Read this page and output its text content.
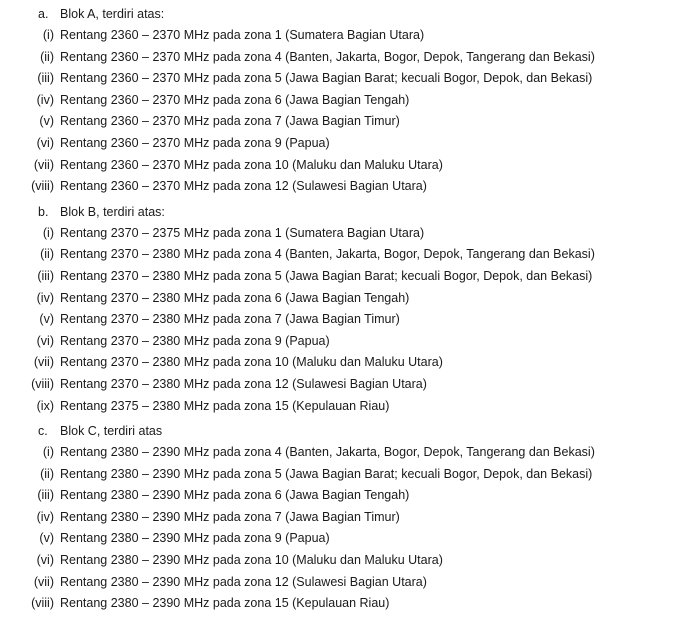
a. Blok A, terdiri atas:
(i) Rentang 2360 – 2370 MHz pada zona 1 (Sumatera Bagian Utara)
(ii) Rentang 2360 – 2370 MHz pada zona 4 (Banten, Jakarta, Bogor, Depok, Tangerang dan Bekasi)
(iii) Rentang 2360 – 2370 MHz pada zona 5 (Jawa Bagian Barat; kecuali Bogor, Depok, dan Bekasi)
(iv) Rentang 2360 – 2370 MHz pada zona 6 (Jawa Bagian Tengah)
(v) Rentang 2360 – 2370 MHz pada zona 7 (Jawa Bagian Timur)
(vi) Rentang 2360 – 2370 MHz pada zona 9 (Papua)
(vii) Rentang 2360 – 2370 MHz pada zona 10 (Maluku dan Maluku Utara)
(viii) Rentang 2360 – 2370 MHz pada zona 12 (Sulawesi Bagian Utara)
b. Blok B, terdiri atas:
(i) Rentang 2370 – 2375 MHz pada zona 1 (Sumatera Bagian Utara)
(ii) Rentang 2370 – 2380 MHz pada zona 4 (Banten, Jakarta, Bogor, Depok, Tangerang dan Bekasi)
(iii) Rentang 2370 – 2380 MHz pada zona 5 (Jawa Bagian Barat; kecuali Bogor, Depok, dan Bekasi)
(iv) Rentang 2370 – 2380 MHz pada zona 6 (Jawa Bagian Tengah)
(v) Rentang 2370 – 2380 MHz pada zona 7 (Jawa Bagian Timur)
(vi) Rentang 2370 – 2380 MHz pada zona 9 (Papua)
(vii) Rentang 2370 – 2380 MHz pada zona 10 (Maluku dan Maluku Utara)
(viii) Rentang 2370 – 2380 MHz pada zona 12 (Sulawesi Bagian Utara)
(ix) Rentang 2375 – 2380 MHz pada zona 15 (Kepulauan Riau)
c. Blok C, terdiri atas
(i) Rentang 2380 – 2390 MHz pada zona 4 (Banten, Jakarta, Bogor, Depok, Tangerang dan Bekasi)
(ii) Rentang 2380 – 2390 MHz pada zona 5 (Jawa Bagian Barat; kecuali Bogor, Depok, dan Bekasi)
(iii) Rentang 2380 – 2390 MHz pada zona 6 (Jawa Bagian Tengah)
(iv) Rentang 2380 – 2390 MHz pada zona 7 (Jawa Bagian Timur)
(v) Rentang 2380 – 2390 MHz pada zona 9 (Papua)
(vi) Rentang 2380 – 2390 MHz pada zona 10 (Maluku dan Maluku Utara)
(vii) Rentang 2380 – 2390 MHz pada zona 12 (Sulawesi Bagian Utara)
(viii) Rentang 2380 – 2390 MHz pada zona 15 (Kepulauan Riau)
